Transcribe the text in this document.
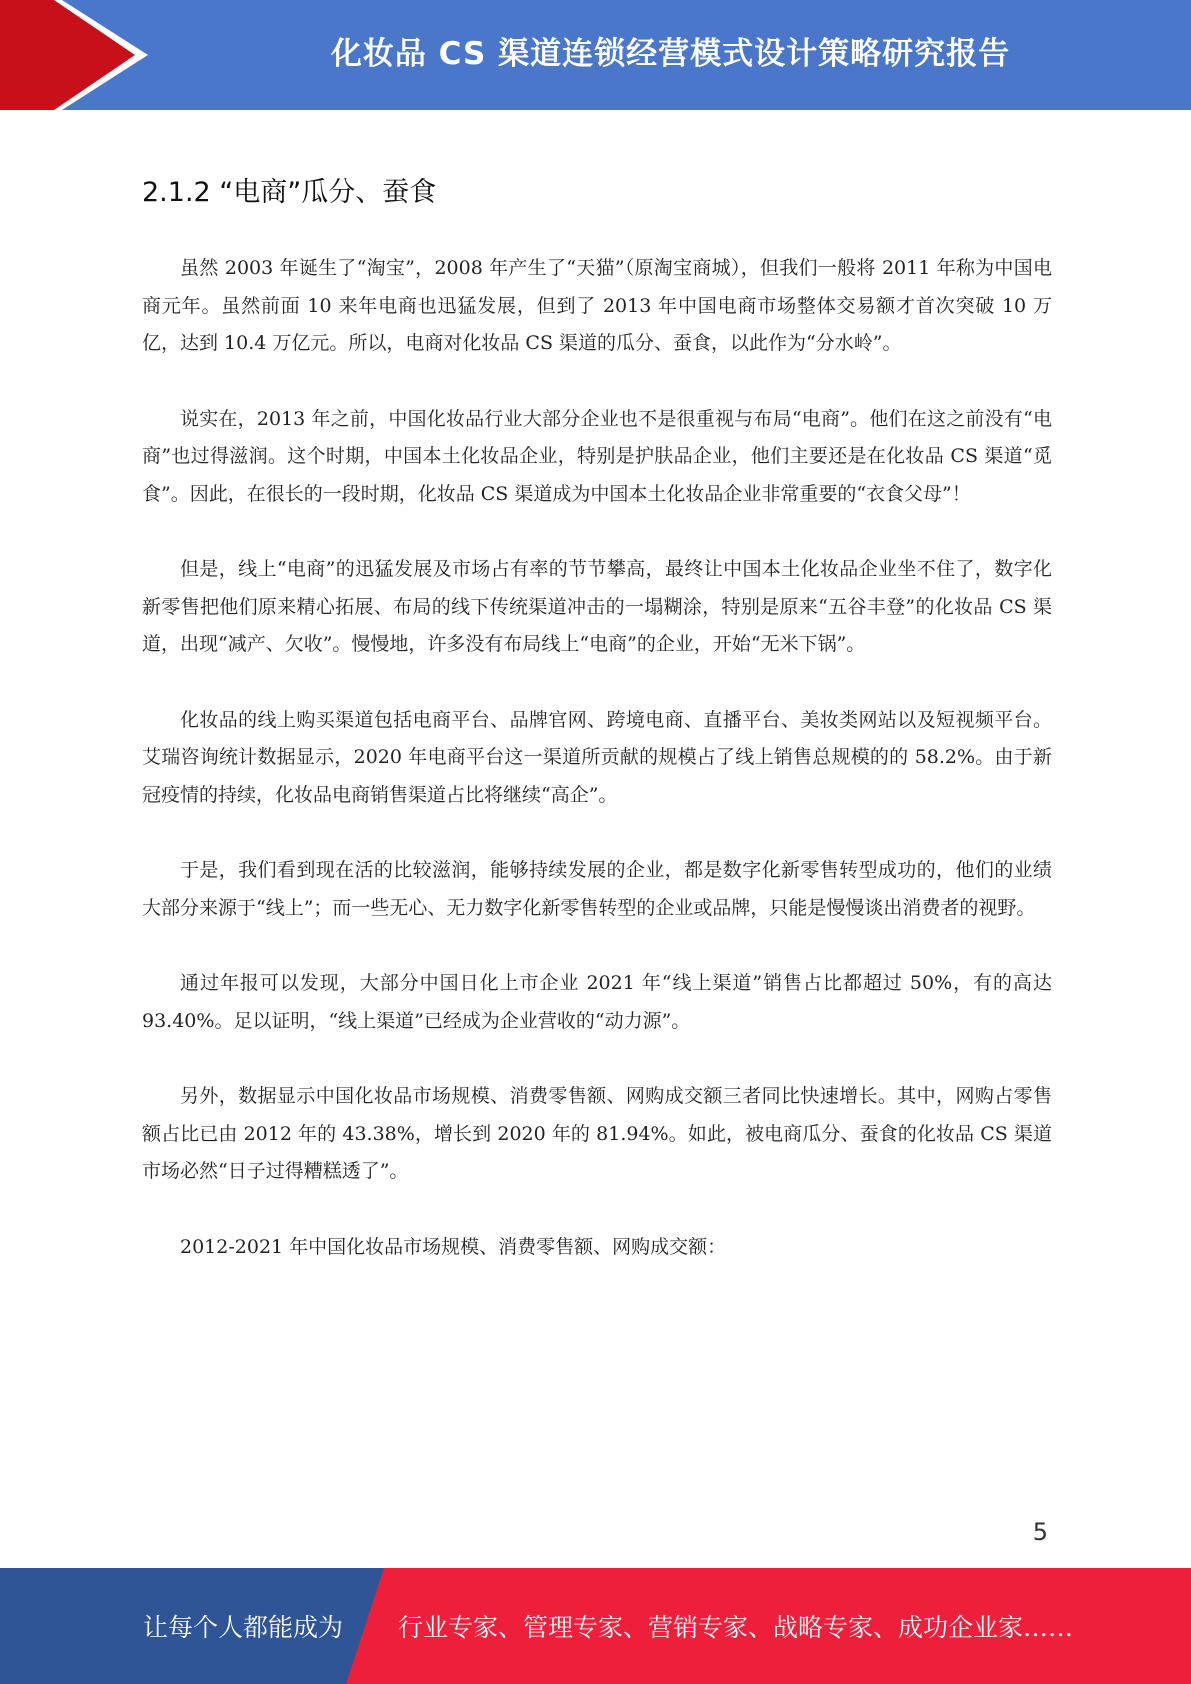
化妆品 CS 渠道连锁经营模式设计策略研究报告
2.1.2 “电商”瓜分、蚕食

虽然 2003 年诞生了“淘宝”，2008 年产生了“天猫”（原淘宝商城），但我们一般将 2011 年称为中国电商元年。虽然前面 10 来年电商也迅猛发展，但到了 2013 年中国电商市场整体交易额才首次突破 10 万亿，达到 10.4 万亿元。所以，电商对化妆品 CS 渠道的瓜分、蚕食，以此作为“分水岭”。

说实在，2013 年之前，中国化妆品行业大部分企业也不是很重视与布局“电商”。他们在这之前没有“电商”也过得滋润。这个时期，中国本土化妆品企业，特别是护肤品企业，他们主要还是在化妆品 CS 渠道“觅食”。因此，在很长的一段时期，化妆品 CS 渠道成为中国本土化妆品企业非常重要的“衣食父母”！

但是，线上“电商”的迅猛发展及市场占有率的节节攀高，最终让中国本土化妆品企业坐不住了，数字化新零售把他们原来精心拓展、布局的线下传统渠道冲击的一塌糊涂，特别是原来“五谷丰登”的化妆品 CS 渠道，出现“减产、欠收”。慢慢地，许多没有布局线上“电商”的企业，开始“无米下锅”。

化妆品的线上购买渠道包括电商平台、品牌官网、跨境电商、直播平台、美妆类网站以及短视频平台。艾瑞咨询统计数据显示，2020 年电商平台这一渠道所贡献的规模占了线上销售总规模的的 58.2%。由于新冠疫情的持续，化妆品电商销售渠道占比将继续“高企”。

于是，我们看到现在活的比较滋润，能够持续发展的企业，都是数字化新零售转型成功的，他们的业绩大部分来源于“线上”；而一些无心、无力数字化新零售转型的企业或品牌，只能是慢慢谈出消费者的视野。

通过年报可以发现，大部分中国日化上市企业 2021 年“线上渠道”销售占比都超过 50%，有的高达 93.40%。足以证明，“线上渠道”已经成为企业营收的“动力源”。

另外，数据显示中国化妆品市场规模、消费零售额、网购成交额三者同比快速增长。其中，网购占零售额占比已由 2012 年的 43.38%，增长到 2020 年的 81.94%。如此，被电商瓜分、蚕食的化妆品 CS 渠道市场必然“日子过得糟糕透了”。

2012-2021 年中国化妆品市场规模、消费零售额、网购成交额：

5
让每个人都能成为 行业专家、管理专家、营销专家、战略专家、成功企业家……
